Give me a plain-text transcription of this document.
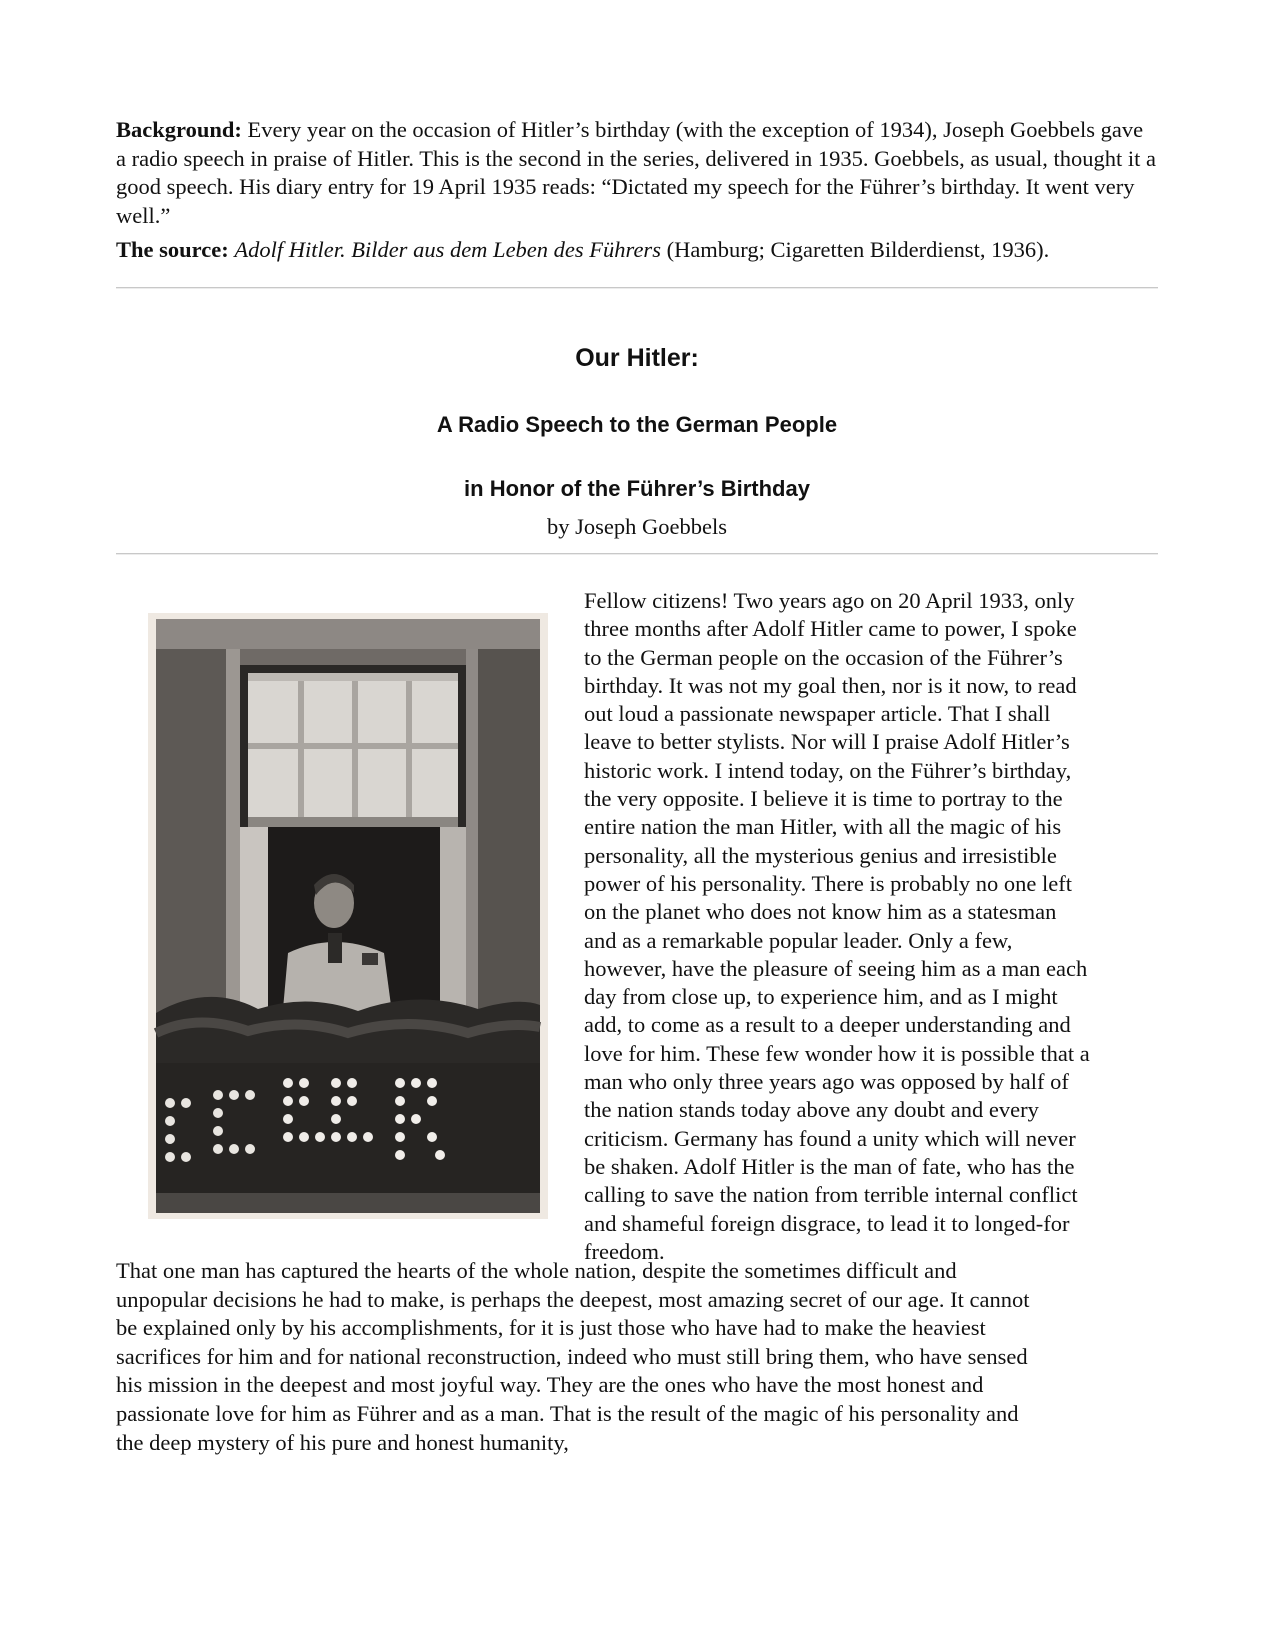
Background: Every year on the occasion of Hitler’s birthday (with the exception of 1934), Joseph Goebbels gave a radio speech in praise of Hitler. This is the second in the series, delivered in 1935. Goebbels, as usual, thought it a good speech. His diary entry for 19 April 1935 reads: “Dictated my speech for the Führer’s birthday. It went very well.”

The source: Adolf Hitler. Bilder aus dem Leben des Führers (Hamburg; Cigaretten Bilderdienst, 1936).
Our Hitler:
A Radio Speech to the German People
in Honor of the Führer’s Birthday
by Joseph Goebbels
Fellow citizens! Two years ago on 20 April 1933, only
three months after Adolf Hitler came to power, I spoke
to the German people on the occasion of the Führer’s
birthday. It was not my goal then, nor is it now, to read
out loud a passionate newspaper article. That I shall
leave to better stylists. Nor will I praise Adolf Hitler’s
historic work. I intend today, on the Führer’s birthday,
the very opposite. I believe it is time to portray to the
entire nation the man Hitler, with all the magic of his
personality, all the mysterious genius and irresistible
power of his personality. There is probably no one left
on the planet who does not know him as a statesman
and as a remarkable popular leader. Only a few,
however, have the pleasure of seeing him as a man each
day from close up, to experience him, and as I might
add, to come as a result to a deeper understanding and
love for him. These few wonder how it is possible that a
man who only three years ago was opposed by half of
the nation stands today above any doubt and every
criticism. Germany has found a unity which will never
be shaken. Adolf Hitler is the man of fate, who has the
calling to save the nation from terrible internal conflict
and shameful foreign disgrace, to lead it to longed-for
freedom.
That one man has captured the hearts of the whole nation, despite the sometimes difficult and
unpopular decisions he had to make, is perhaps the deepest, most amazing secret of our age. It cannot
be explained only by his accomplishments, for it is just those who have had to make the heaviest
sacrifices for him and for national reconstruction, indeed who must still bring them, who have sensed
his mission in the deepest and most joyful way. They are the ones who have the most honest and
passionate love for him as Führer and as a man. That is the result of the magic of his personality and
the deep mystery of his pure and honest humanity,
